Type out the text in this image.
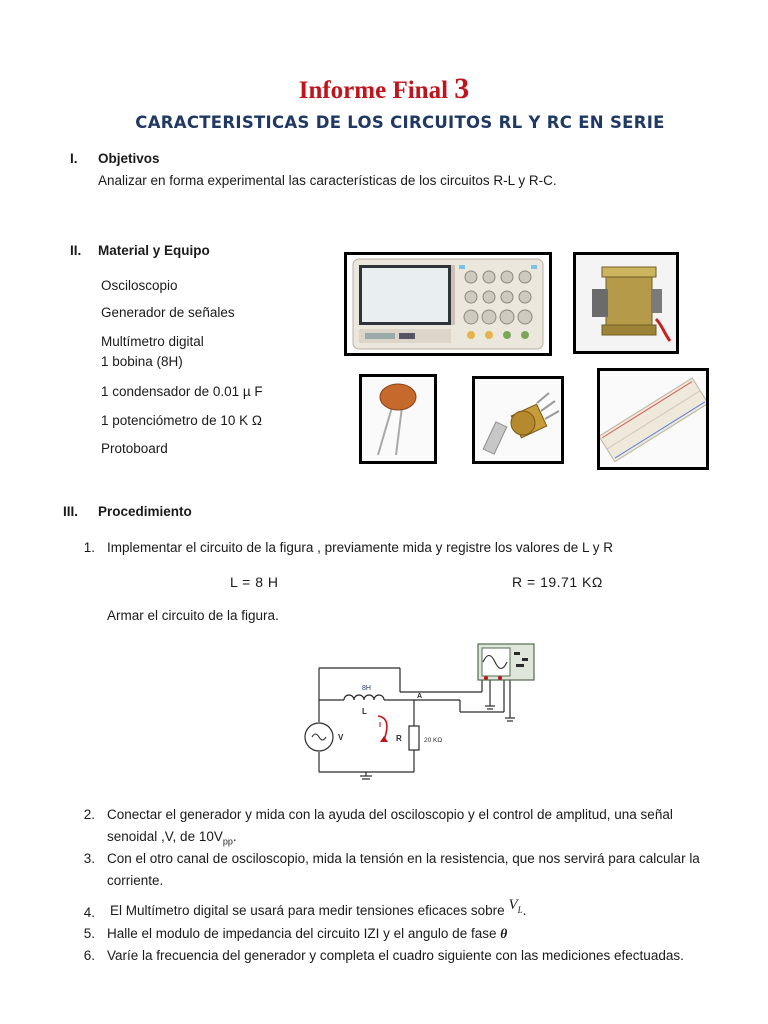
Informe Final 3
CARACTERISTICAS DE LOS CIRCUITOS RL Y RC EN SERIE
I. Objetivos
Analizar en forma experimental las características de los circuitos R-L y R-C.
II. Material y Equipo
Osciloscopio
Generador de señales
Multímetro digital
1 bobina (8H)
1 condensador de 0.01 µ F
1 potenciómetro de 10 K Ω
Protoboard
III. Procedimiento
1. Implementar el circuito de la figura , previamente mida y registre los valores de L y R
L = 8 H	R = 19.71 KΩ
Armar el circuito de la figura.
8H
L
A
V
I
R	20 KΩ
2. Conectar el generador y mida con la ayuda del osciloscopio y el control de amplitud, una señal
senoidal ,V, de $10V_{pp}$.
3. Con el otro canal de osciloscopio, mida la tensión en la resistencia, que nos servirá para calcular la
corriente.
4. El Multímetro digital se usará para medir tensiones eficaces sobre $V_L$.
5. Halle el modulo de impedancia del circuito IZI y el angulo de fase θ
6. Varíe la frecuencia del generador y completa el cuadro siguiente con las mediciones efectuadas.
